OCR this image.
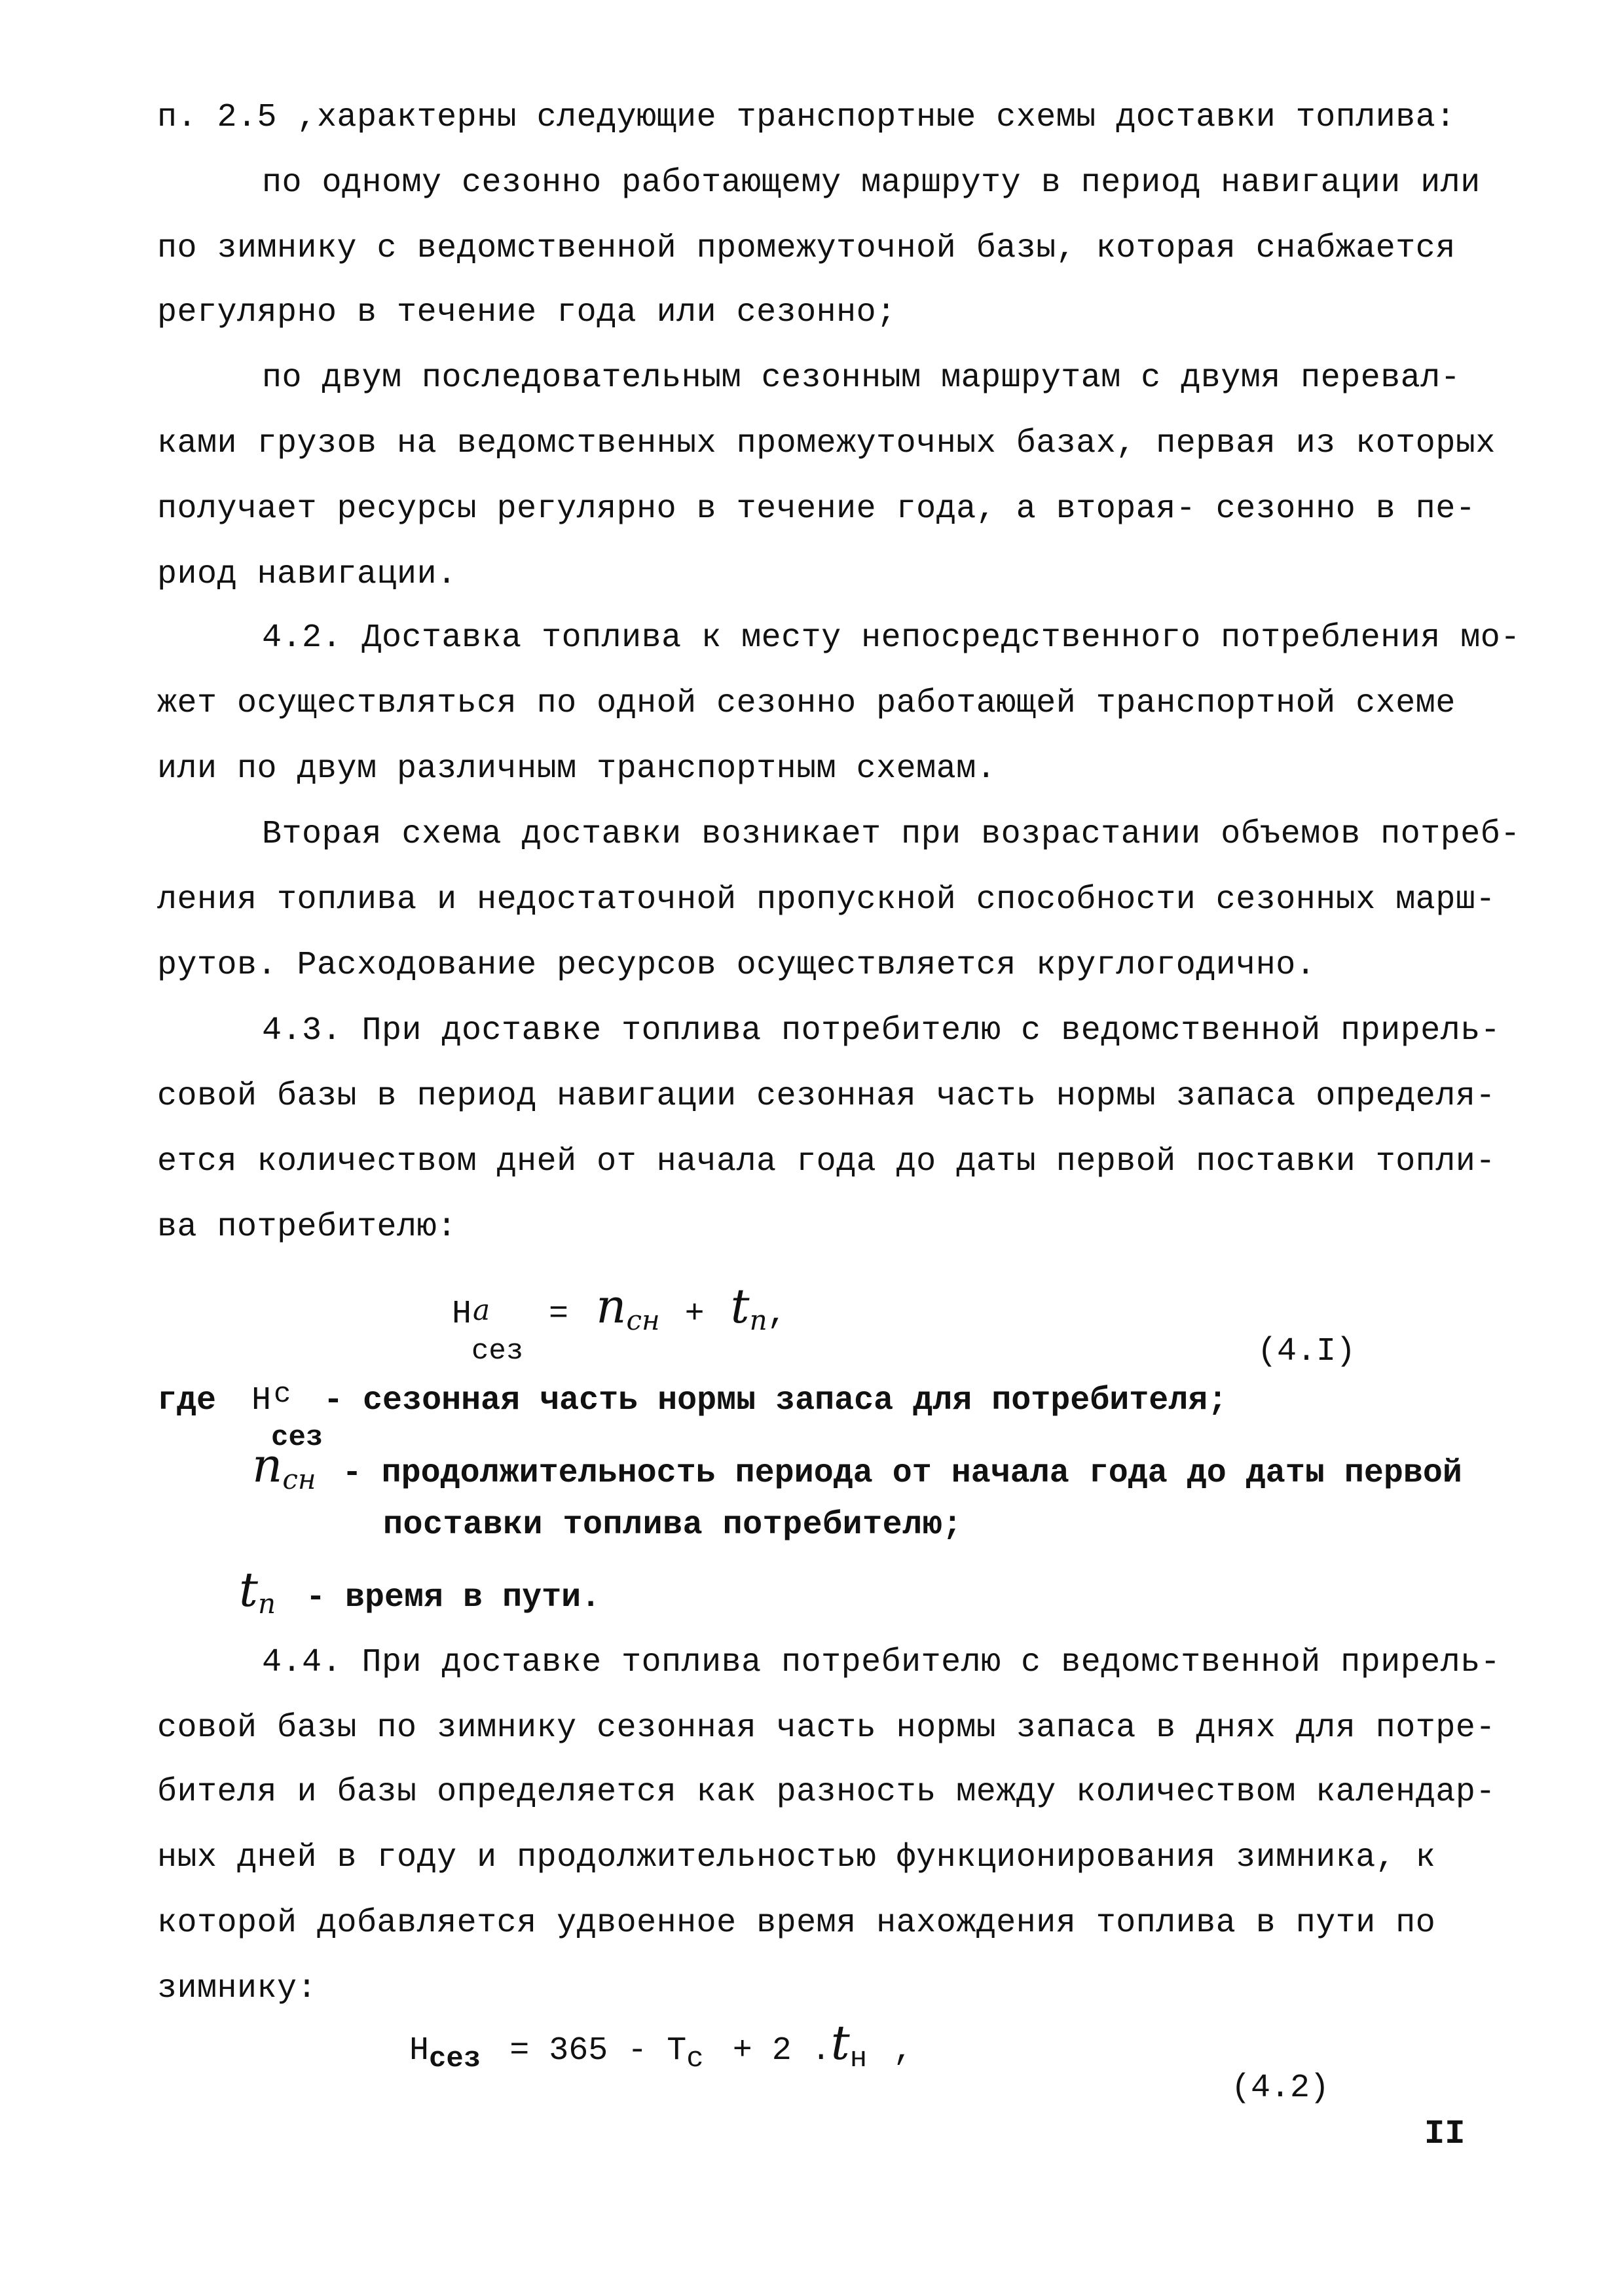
п. 2.5 ,характерны следующие транспортные схемы доставки топлива:
по одному сезонно работающему маршруту в период навигации или
по зимнику с ведомственной промежуточной базы, которая снабжается
регулярно в течение года или сезонно;
по двум последовательным сезонным маршрутам с двумя перевал-
ками грузов на ведомственных промежуточных базах, первая из которых
получает ресурсы регулярно в течение года, а вторая- сезонно в пе-
риод навигации.
4.2. Доставка топлива к месту непосредственного потребления мо-
жет осуществляться по одной сезонно работающей транспортной схеме
или по двум различным транспортным схемам.
Вторая схема доставки возникает при возрастании объемов потреб-
ления топлива и недостаточной пропускной способности сезонных марш-
рутов. Расходование ресурсов осуществляется круглогодично.
4.3. При доставке топлива потребителю с ведомственной прирель-
совой базы в период навигации сезонная часть нормы запаса определя-
ется количеством дней от начала года до даты первой поставки топли-
ва потребителю:
Н a
сез
= $n_{сн} + t_п$,
(4.I)
где Н с
сез
- сезонная часть нормы запаса для потребителя;
$n_{сн}$ - продолжительность периода от начала года до даты первой
поставки топлива потребителю;
$t_п$ - время в пути.
4.4. При доставке топлива потребителю с ведомственной прирель-
совой базы по зимнику сезонная часть нормы запаса в днях для потре-
бителя и базы определяется как разность между количеством календар-
ных дней в году и продолжительностью функционирования зимника, к
которой добавляется удвоенное время нахождения топлива в пути по
зимнику:
$Н_{сез} = 365 - Т_с + 2$ $.t_н$ ,
(4.2)
II
